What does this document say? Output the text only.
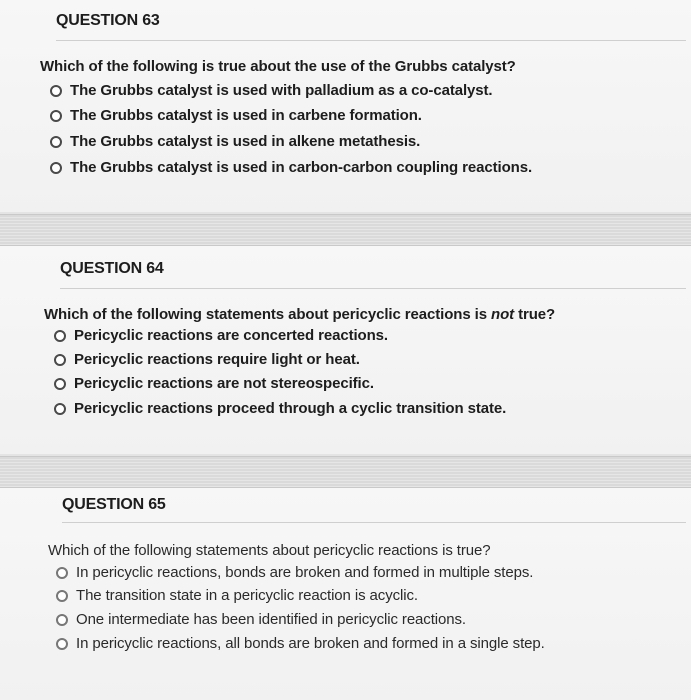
QUESTION 63
Which of the following is true about the use of the Grubbs catalyst?
The Grubbs catalyst is used with palladium as a co-catalyst.
The Grubbs catalyst is used in carbene formation.
The Grubbs catalyst is used in alkene metathesis.
The Grubbs catalyst is used in carbon-carbon coupling reactions.
QUESTION 64
Which of the following statements about pericyclic reactions is not true?
Pericyclic reactions are concerted reactions.
Pericyclic reactions require light or heat.
Pericyclic reactions are not stereospecific.
Pericyclic reactions proceed through a cyclic transition state.
QUESTION 65
Which of the following statements about pericyclic reactions is true?
In pericyclic reactions, bonds are broken and formed in multiple steps.
The transition state in a pericyclic reaction is acyclic.
One intermediate has been identified in pericyclic reactions.
In pericyclic reactions, all bonds are broken and formed in a single step.
